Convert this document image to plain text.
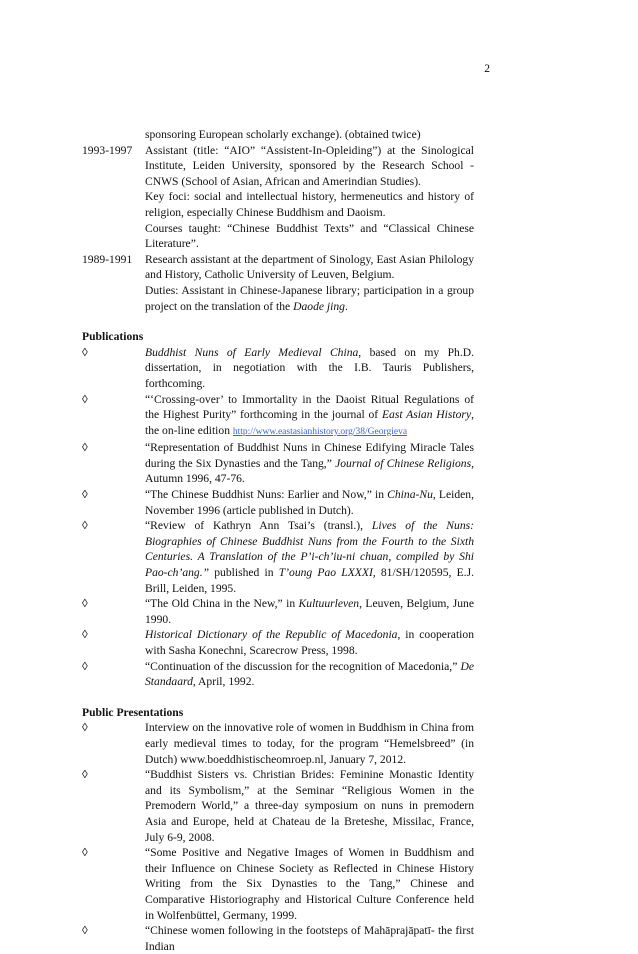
2

sponsoring European scholarly exchange). (obtained twice)

1993-1997	Assistant (title: “AIO” “Assistent-In-Opleiding”) at the Sinological Institute, Leiden University, sponsored by the Research School - CNWS (School of Asian, African and Amerindian Studies).

Key foci: social and intellectual history, hermeneutics and history of religion, especially Chinese Buddhism and Daoism.

Courses taught: “Chinese Buddhist Texts” and “Classical Chinese Literature”.

1989-1991	Research assistant at the department of Sinology, East Asian Philology and History, Catholic University of Leuven, Belgium.

Duties: Assistant in Chinese-Japanese library; participation in a group project on the translation of the Daode jing.

Publications
◊	Buddhist Nuns of Early Medieval China, based on my Ph.D. dissertation, in negotiation with the I.B. Tauris Publishers, forthcoming.
◊	“‘Crossing-over’ to Immortality in the Daoist Ritual Regulations of the Highest Purity” forthcoming in the journal of East Asian History, the on-line edition http://www.eastasianhistory.org/38/Georgieva
◊	“Representation of Buddhist Nuns in Chinese Edifying Miracle Tales during the Six Dynasties and the Tang,” Journal of Chinese Religions, Autumn 1996, 47-76.
◊	“The Chinese Buddhist Nuns: Earlier and Now,” in China-Nu, Leiden, November 1996 (article published in Dutch).
◊	“Review of Kathryn Ann Tsai’s (transl.), Lives of the Nuns: Biographies of Chinese Buddhist Nuns from the Fourth to the Sixth Centuries. A Translation of the P’i-ch’iu-ni chuan, compiled by Shi Pao-ch’ang.” published in T’oung Pao LXXXI, 81/SH/120595, E.J. Brill, Leiden, 1995.
◊	“The Old China in the New,” in Kultuurleven, Leuven, Belgium, June 1990.
◊	Historical Dictionary of the Republic of Macedonia, in cooperation with Sasha Konechni, Scarecrow Press, 1998.
◊	“Continuation of the discussion for the recognition of Macedonia,” De Standaard, April, 1992.
Public Presentations
◊	Interview on the innovative role of women in Buddhism in China from early medieval times to today, for the program “Hemelsbreed” (in Dutch) www.boeddhistischeomroep.nl, January 7, 2012.
◊	“Buddhist Sisters vs. Christian Brides: Feminine Monastic Identity and its Symbolism,” at the Seminar “Religious Women in the Premodern World,” a three-day symposium on nuns in premodern Asia and Europe, held at Chateau de la Breteshe, Missilac, France, July 6-9, 2008.
◊	“Some Positive and Negative Images of Women in Buddhism and their Influence on Chinese Society as Reflected in Chinese History Writing from the Six Dynasties to the Tang,” Chinese and Comparative Historiography and Historical Culture Conference held in Wolfenbüttel, Germany, 1999.
◊	“Chinese women following in the footsteps of Mahāprajāpatī- the first Indian
